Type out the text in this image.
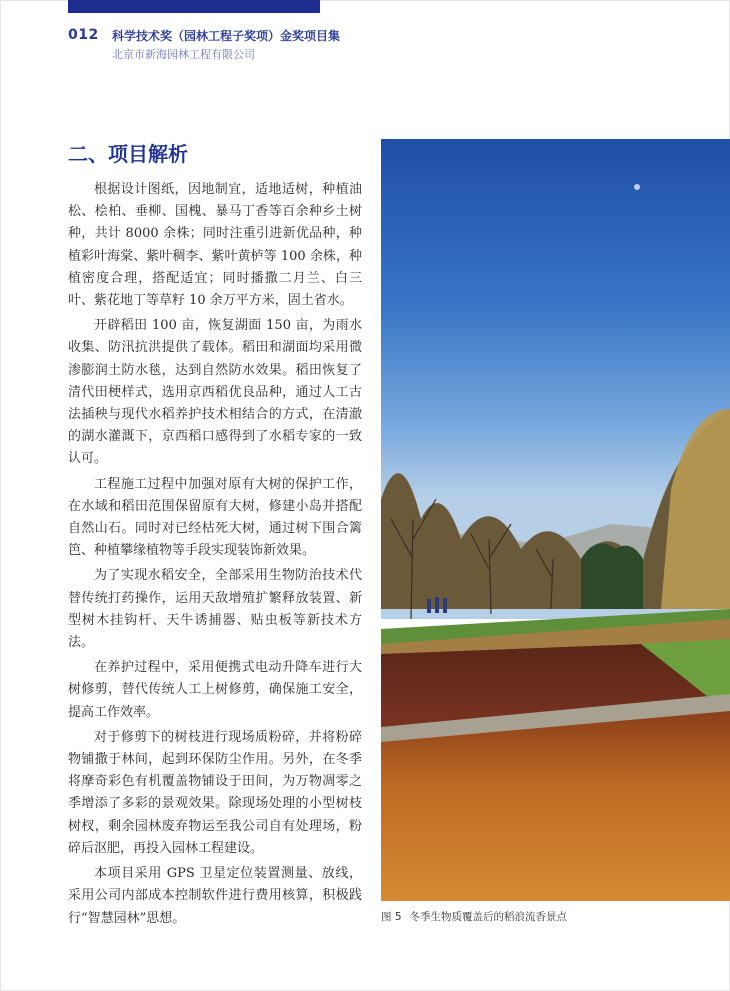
012 科学技术奖（园林工程子奖项）金奖项目集
北京市新海园林工程有限公司
二、项目解析

根据设计图纸，因地制宜，适地适树，种植油松、桧柏、垂柳、国槐、暴马丁香等百余种乡土树种，共计 8000 余株；同时注重引进新优品种，种植彩叶海棠、紫叶稠李、紫叶黄栌等 100 余株，种植密度合理，搭配适宜；同时播撒二月兰、白三叶、紫花地丁等草籽 10 余万平方米，固土省水。

开辟稻田 100 亩，恢复湖面 150 亩，为雨水收集、防汛抗洪提供了载体。稻田和湖面均采用微渗膨润土防水毯，达到自然防水效果。稻田恢复了清代田梗样式，选用京西稻优良品种，通过人工古法插秧与现代水稻养护技术相结合的方式，在清澈的湖水灌溉下，京西稻口感得到了水稻专家的一致认可。

工程施工过程中加强对原有大树的保护工作，在水域和稻田范围保留原有大树，修建小岛并搭配自然山石。同时对已经枯死大树，通过树下围合篱笆、种植攀缘植物等手段实现装饰新效果。

为了实现水稻安全，全部采用生物防治技术代替传统打药操作，运用天敌增殖扩繁释放装置、新型树木挂钩杆、天牛诱捕器、贴虫板等新技术方法。

在养护过程中，采用便携式电动升降车进行大树修剪，替代传统人工上树修剪，确保施工安全，提高工作效率。

对于修剪下的树枝进行现场质粉碎，并将粉碎物铺撒于林间，起到环保防尘作用。另外，在冬季将摩奇彩色有机覆盖物铺设于田间，为万物凋零之季增添了多彩的景观效果。除现场处理的小型树枝树杈，剩余园林废弃物运至我公司自有处理场，粉碎后沤肥，再投入园林工程建设。

本项目采用 GPS 卫星定位装置测量、放线，采用公司内部成本控制软件进行费用核算，积极践行“智慧园林”思想。	图 5 冬季生物质覆盖后的稻浪流香景点
